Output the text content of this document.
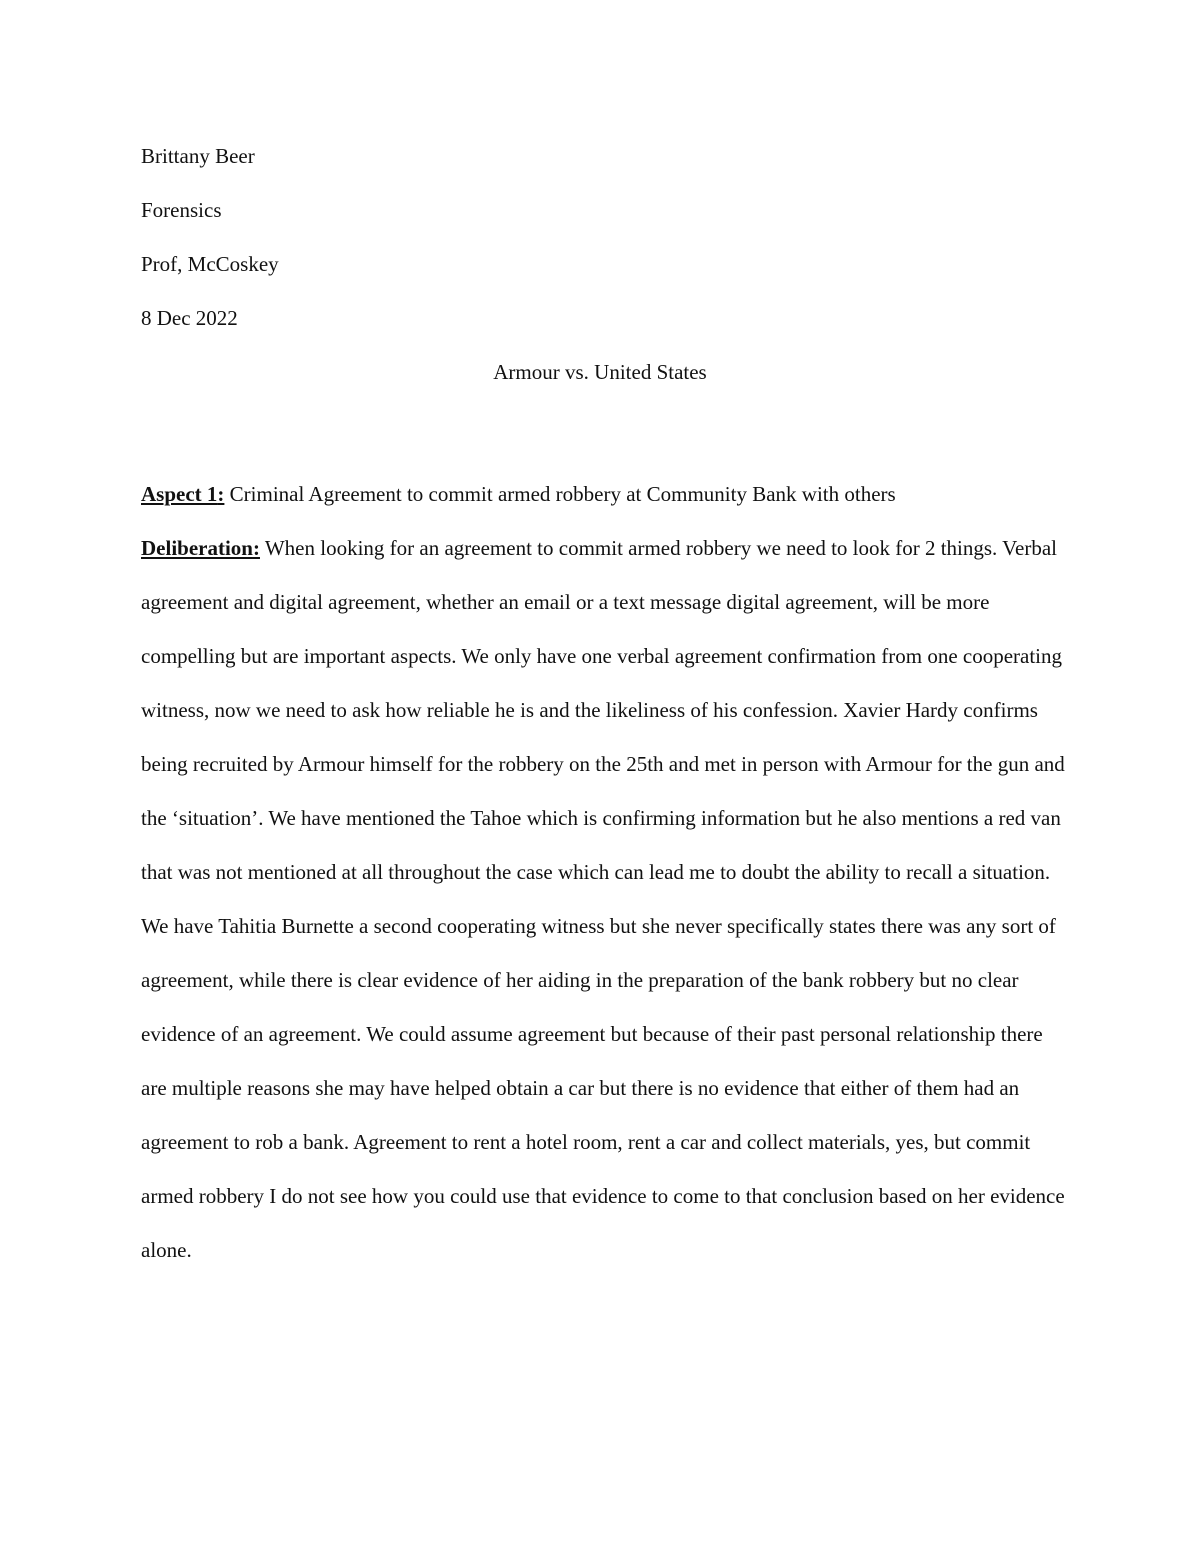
Brittany Beer
Forensics
Prof, McCoskey
8 Dec 2022
Armour vs. United States

Aspect 1: Criminal Agreement to commit armed robbery at Community Bank with others

Deliberation: When looking for an agreement to commit armed robbery we need to look for 2 things. Verbal agreement and digital agreement, whether an email or a text message digital agreement, will be more compelling but are important aspects. We only have one verbal agreement confirmation from one cooperating witness, now we need to ask how reliable he is and the likeliness of his confession. Xavier Hardy confirms being recruited by Armour himself for the robbery on the 25th and met in person with Armour for the gun and the ‘situation’. We have mentioned the Tahoe which is confirming information but he also mentions a red van that was not mentioned at all throughout the case which can lead me to doubt the ability to recall a situation. We have Tahitia Burnette a second cooperating witness but she never specifically states there was any sort of agreement, while there is clear evidence of her aiding in the preparation of the bank robbery but no clear evidence of an agreement. We could assume agreement but because of their past personal relationship there are multiple reasons she may have helped obtain a car but there is no evidence that either of them had an agreement to rob a bank. Agreement to rent a hotel room, rent a car and collect materials, yes, but commit armed robbery I do not see how you could use that evidence to come to that conclusion based on her evidence alone.
